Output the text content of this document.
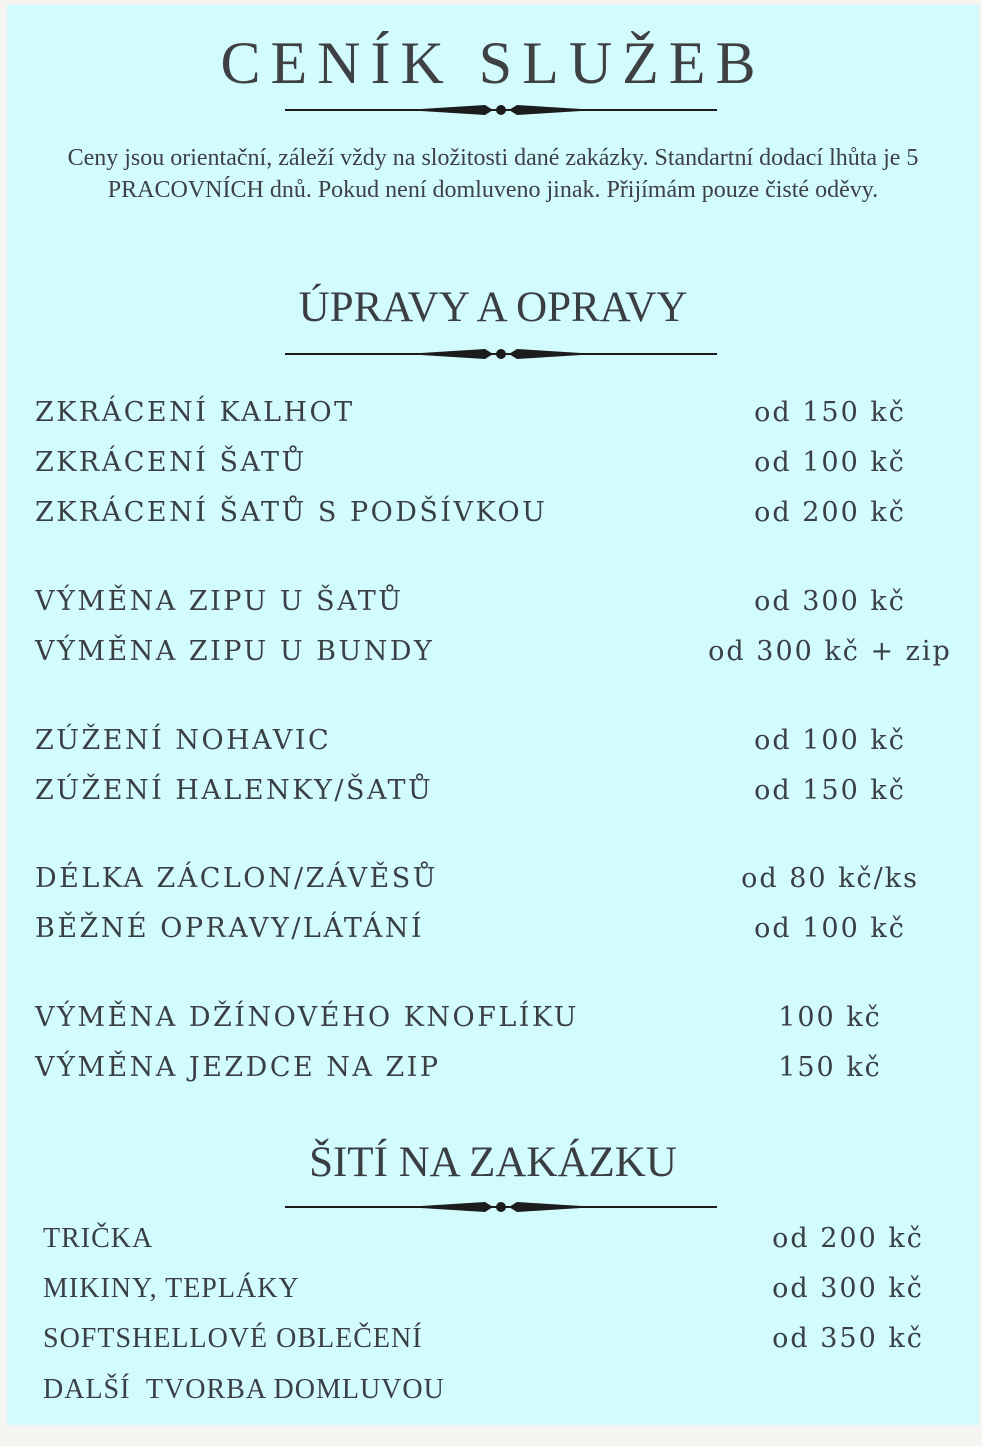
CENÍK SLUŽEB

Ceny jsou orientační, záleží vždy na složitosti dané zakázky. Standartní dodací lhůta je 5 PRACOVNÍCH dnů. Pokud není domluveno jinak. Přijímám pouze čisté oděvy.

ÚPRAVY A OPRAVY
ZKRÁCENÍ KALHOT	od 150 kč
ZKRÁCENÍ ŠATŮ	od 100 kč
ZKRÁCENÍ ŠATŮ S PODŠÍVKOU	od 200 kč
VÝMĚNA ZIPU U ŠATŮ	od 300 kč
VÝMĚNA ZIPU U BUNDY	od 300 kč + zip
ZÚŽENÍ NOHAVIC	od 100 kč
ZÚŽENÍ HALENKY/ŠATŮ	od 150 kč
DÉLKA ZÁCLON/ZÁVĚSŮ	od 80 kč/ks
BĚŽNÉ OPRAVY/LÁTÁNÍ	od 100 kč
VÝMĚNA DŽÍNOVÉHO KNOFLÍKU	100 kč
VÝMĚNA JEZDCE NA ZIP	150 kč
ŠITÍ NA ZAKÁZKU
TRIČKA	od 200 kč
MIKINY, TEPLÁKY	od 300 kč
SOFTSHELLOVÉ OBLEČENÍ	od 350 kč
DALŠÍ  TVORBA DOMLUVOU
